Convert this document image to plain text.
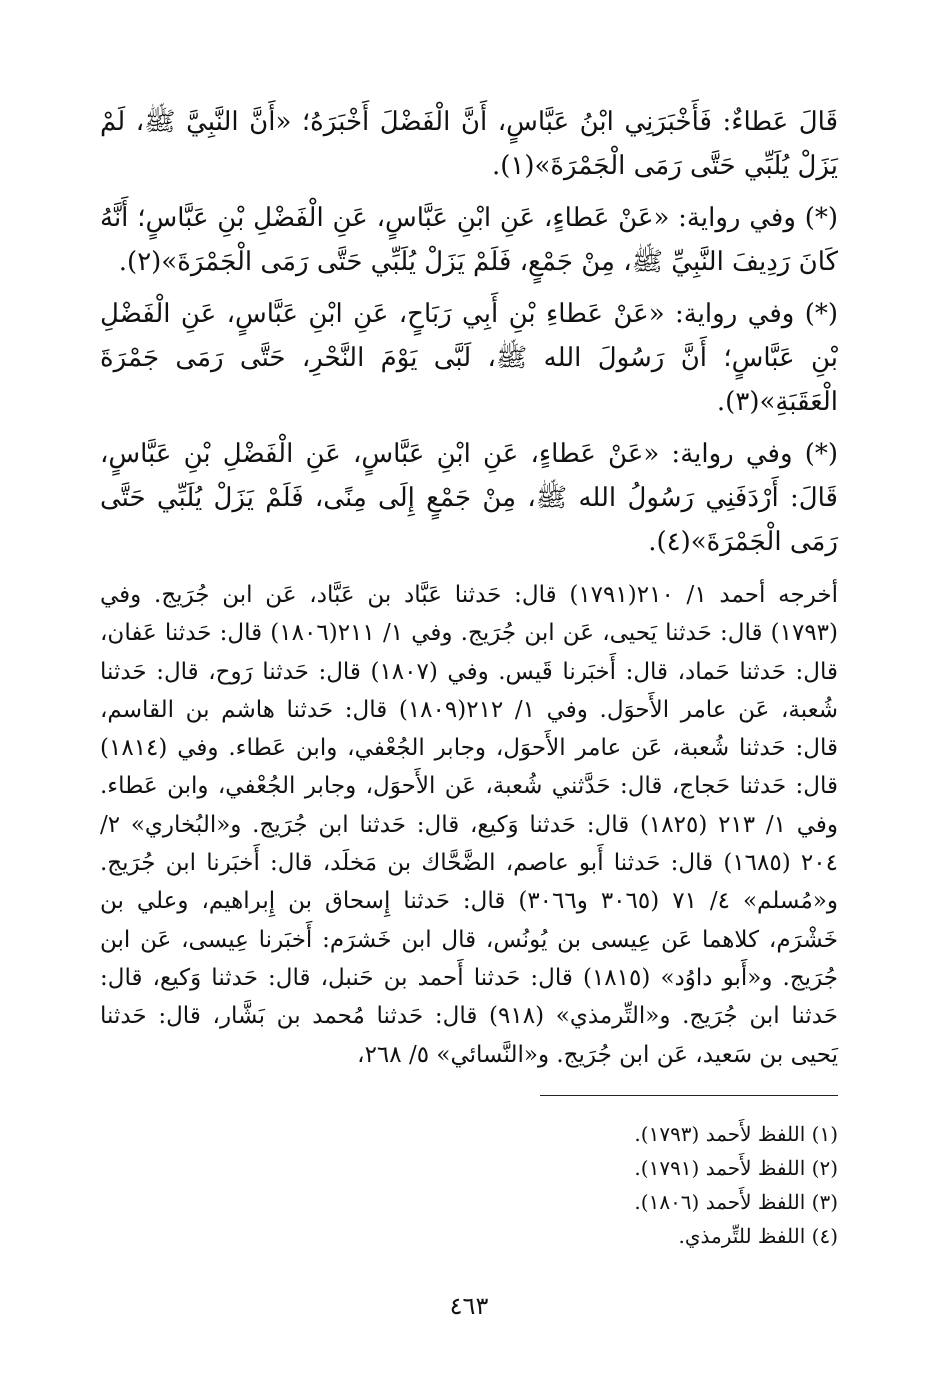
قَالَ عَطاءٌ: فَأَخْبَرَنِي ابْنُ عَبَّاسٍ، أَنَّ الْفَضْلَ أَخْبَرَهُ؛ «أَنَّ النَّبِيَّ ﷺ، لَمْ يَزَلْ يُلَبِّي حَتَّى رَمَى الْجَمْرَةَ»(١).

(*) وفي رواية: «عَنْ عَطاءٍ، عَنِ ابْنِ عَبَّاسٍ، عَنِ الْفَضْلِ بْنِ عَبَّاسٍ؛ أَنَّهُ كَانَ رَدِيفَ النَّبِيِّ ﷺ، مِنْ جَمْعٍ، فَلَمْ يَزَلْ يُلَبِّي حَتَّى رَمَى الْجَمْرَةَ»(٢).

(*) وفي رواية: «عَنْ عَطاءِ بْنِ أَبِي رَبَاحٍ، عَنِ ابْنِ عَبَّاسٍ، عَنِ الْفَضْلِ بْنِ عَبَّاسٍ؛ أَنَّ رَسُولَ الله ﷺ، لَبَّى يَوْمَ النَّحْرِ، حَتَّى رَمَى جَمْرَةَ الْعَقَبَةِ»(٣).

(*) وفي رواية: «عَنْ عَطاءٍ، عَنِ ابْنِ عَبَّاسٍ، عَنِ الْفَضْلِ بْنِ عَبَّاسٍ، قَالَ: أَرْدَفَنِي رَسُولُ الله ﷺ، مِنْ جَمْعٍ إِلَى مِنًى، فَلَمْ يَزَلْ يُلَبِّي حَتَّى رَمَى الْجَمْرَةَ»(٤).

أخرجه أحمد ١/ ٢١٠(١٧٩١) قال: حَدثنا عَبَّاد بن عَبَّاد، عَن ابن جُرَيج. وفي (١٧٩٣) قال: حَدثنا يَحيى، عَن ابن جُرَيج. وفي ١/ ٢١١(١٨٠٦) قال: حَدثنا عَفان، قال: حَدثنا حَماد، قال: أَخبَرنا قَيس. وفي (١٨٠٧) قال: حَدثنا رَوح، قال: حَدثنا شُعبة، عَن عامر الأَحوَل. وفي ١/ ٢١٢(١٨٠٩) قال: حَدثنا هاشم بن القاسم، قال: حَدثنا شُعبة، عَن عامر الأَحوَل، وجابر الجُعْفي، وابن عَطاء. وفي (١٨١٤) قال: حَدثنا حَجاج، قال: حَدَّثني شُعبة، عَن الأَحوَل، وجابر الجُعْفي، وابن عَطاء. وفي ١/ ٢١٣ (١٨٢٥) قال: حَدثنا وَكيع، قال: حَدثنا ابن جُرَيج. و«البُخاري» ٢/ ٢٠٤ (١٦٨٥) قال: حَدثنا أَبو عاصم، الضَّحَّاك بن مَخلَد، قال: أَخبَرنا ابن جُرَيج. و«مُسلم» ٤/ ٧١ (٣٠٦٥ و٣٠٦٦) قال: حَدثنا إِسحاق بن إِبراهيم، وعلي بن خَشْرَم، كلاهما عَن عِيسى بن يُونُس، قال ابن خَشرَم: أَخبَرنا عِيسى، عَن ابن جُرَيج. و«أَبو داوُد» (١٨١٥) قال: حَدثنا أَحمد بن حَنبل، قال: حَدثنا وَكيع، قال: حَدثنا ابن جُرَيج. و«التِّرمذي» (٩١٨) قال: حَدثنا مُحمد بن بَشَّار، قال: حَدثنا يَحيى بن سَعيد، عَن ابن جُرَيج. و«النَّسائي» ٥/ ٢٦٨،

(١) اللفظ لأَحمد (١٧٩٣).
(٢) اللفظ لأَحمد (١٧٩١).
(٣) اللفظ لأَحمد (١٨٠٦).
(٤) اللفظ للتِّرمذي.
٤٦٣
